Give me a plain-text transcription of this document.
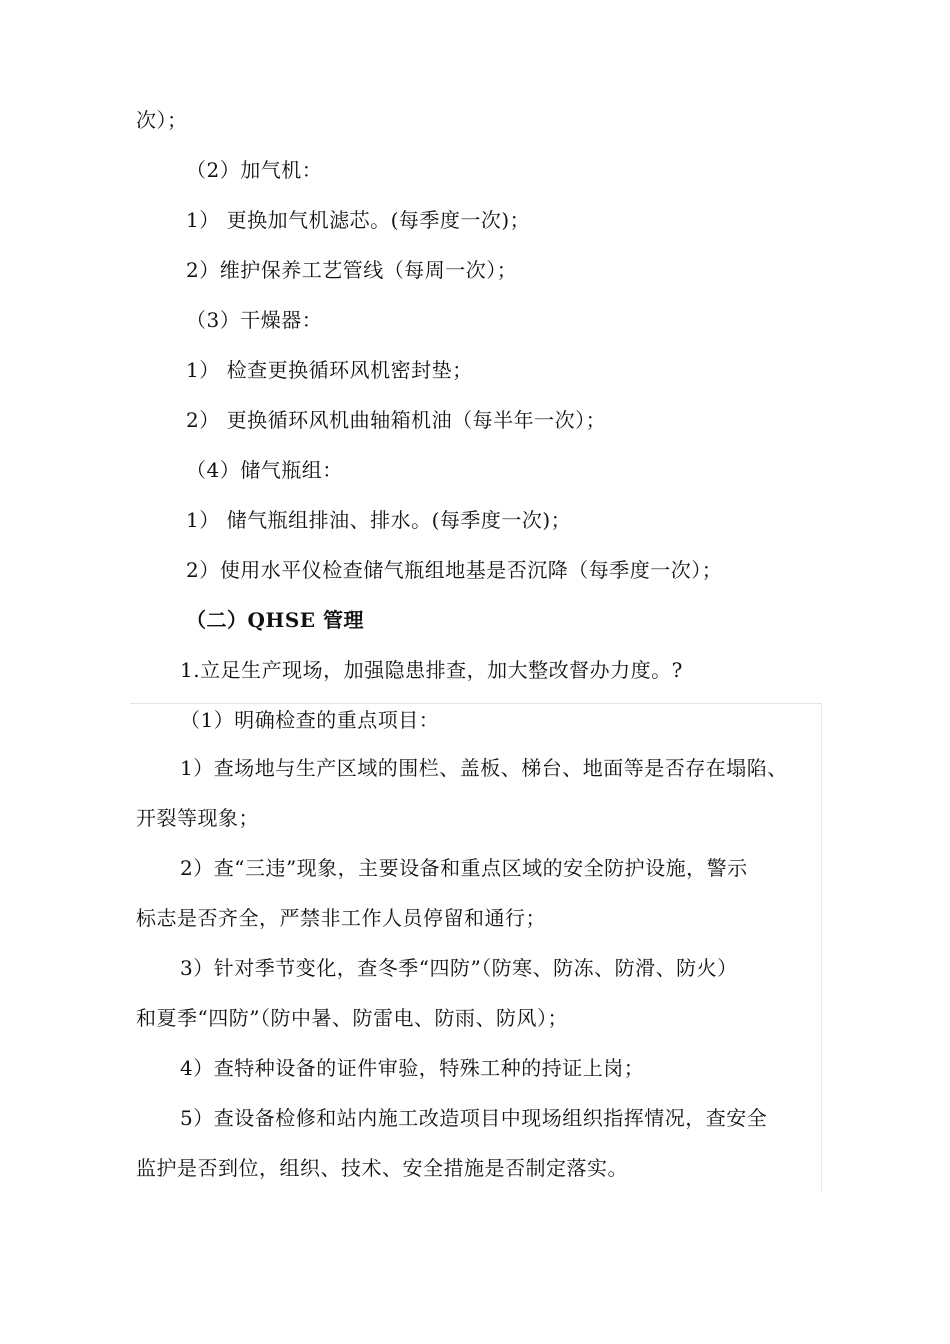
次）；
（2）加气机：
1） 更换加气机滤芯。(每季度一次)；
2）维护保养工艺管线（每周一次）；
（3）干燥器：
1） 检查更换循环风机密封垫；
2） 更换循环风机曲轴箱机油（每半年一次）；
（4）储气瓶组：
1） 储气瓶组排油、排水。(每季度一次)；
2）使用水平仪检查储气瓶组地基是否沉降（每季度一次）；
（二）QHSE 管理
1.立足生产现场，加强隐患排查，加大整改督办力度。?
（1）明确检查的重点项目：
1）查场地与生产区域的围栏、盖板、梯台、地面等是否存在塌陷、
开裂等现象；
2）查“三违”现象，主要设备和重点区域的安全防护设施，警示
标志是否齐全，严禁非工作人员停留和通行；
3）针对季节变化，查冬季“四防”（防寒、防冻、防滑、防火）
和夏季“四防”（防中暑、防雷电、防雨、防风）；
4）查特种设备的证件审验，特殊工种的持证上岗；
5）查设备检修和站内施工改造项目中现场组织指挥情况，查安全
监护是否到位，组织、技术、安全措施是否制定落实。
